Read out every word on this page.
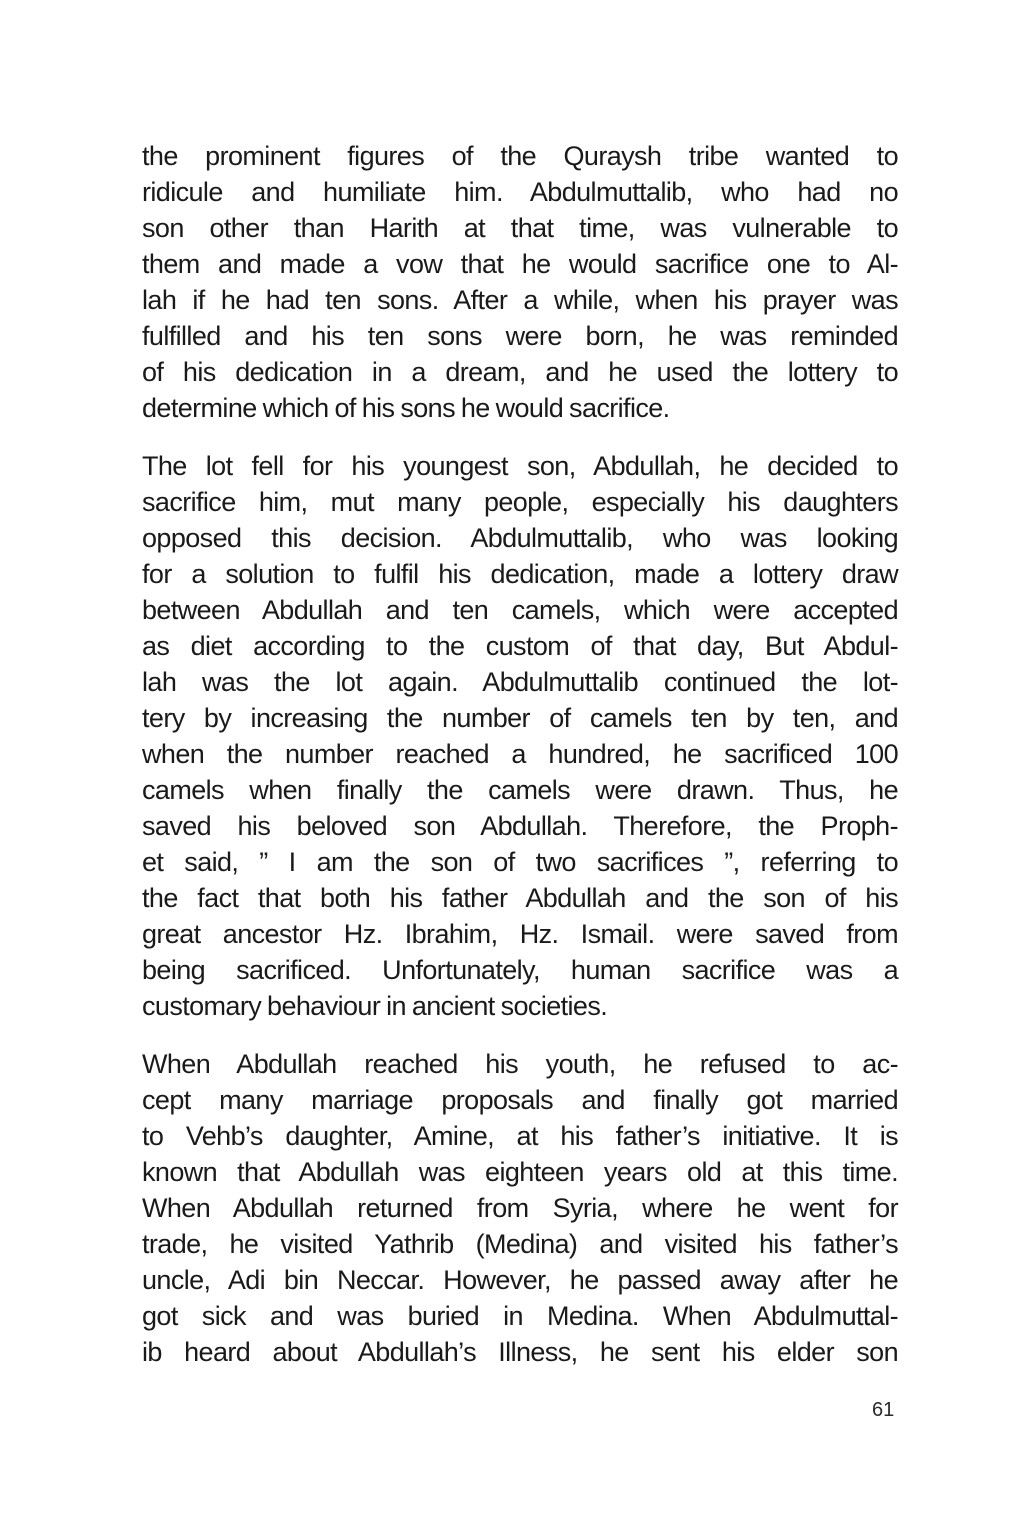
the prominent figures of the Quraysh tribe wanted to
ridicule and humiliate him. Abdulmuttalib, who had no
son other than Harith at that time, was vulnerable to
them and made a vow that he would sacrifice one to Al-
lah if he had ten sons. After a while, when his prayer was
fulfilled and his ten sons were born, he was reminded
of his dedication in a dream, and he used the lottery to
determine which of his sons he would sacrifice.
The lot fell for his youngest son, Abdullah, he decided to
sacrifice him, mut many people, especially his daughters
opposed this decision. Abdulmuttalib, who was looking
for a solution to fulfil his dedication, made a lottery draw
between Abdullah and ten camels, which were accepted
as diet according to the custom of that day, But Abdul-
lah was the lot again. Abdulmuttalib continued the lot-
tery by increasing the number of camels ten by ten, and
when the number reached a hundred, he sacrificed 100
camels when finally the camels were drawn. Thus, he
saved his beloved son Abdullah. Therefore, the Proph-
et said, ” I am the son of two sacrifices ”, referring to
the fact that both his father Abdullah and the son of his
great ancestor Hz. Ibrahim, Hz. Ismail. were saved from
being sacrificed. Unfortunately, human sacrifice was a
customary behaviour in ancient societies.
When Abdullah reached his youth, he refused to ac-
cept many marriage proposals and finally got married
to Vehb’s daughter, Amine, at his father’s initiative. It is
known that Abdullah was eighteen years old at this time.
When Abdullah returned from Syria, where he went for
trade, he visited Yathrib (Medina) and visited his father’s
uncle, Adi bin Neccar. However, he passed away after he
got sick and was buried in Medina. When Abdulmuttal-
ib heard about Abdullah’s Illness, he sent his elder son
61
